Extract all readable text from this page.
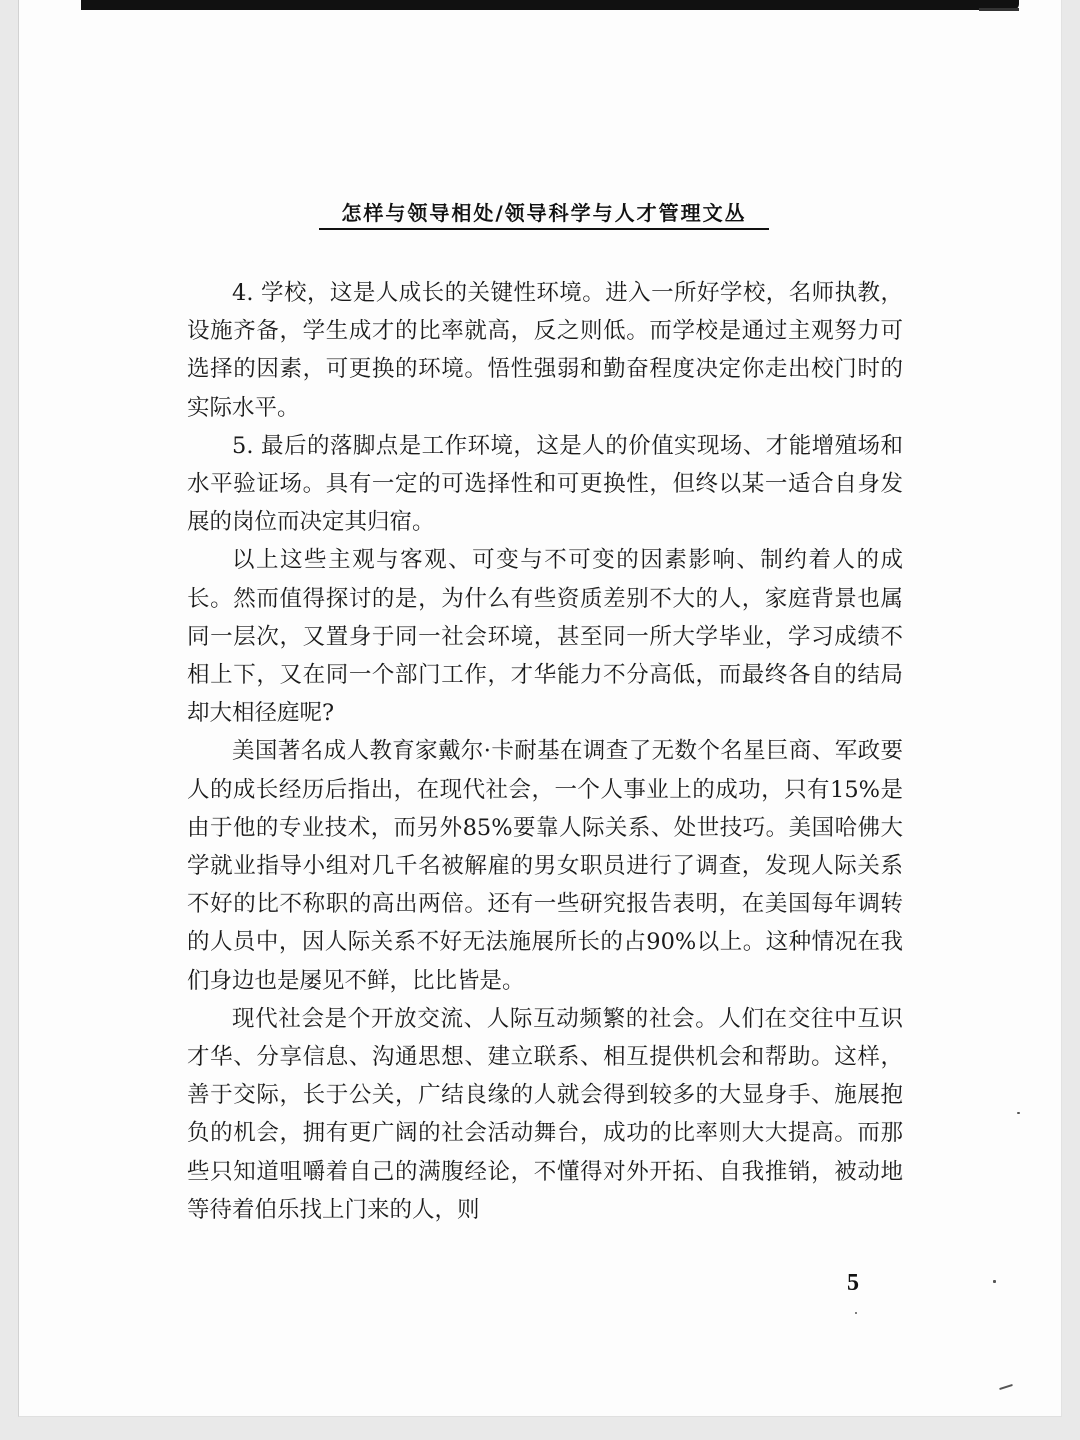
怎样与领导相处/领导科学与人才管理文丛

4. 学校，这是人成长的关键性环境。进入一所好学校，名师执教，设施齐备，学生成才的比率就高，反之则低。而学校是通过主观努力可选择的因素，可更换的环境。悟性强弱和勤奋程度决定你走出校门时的实际水平。

5. 最后的落脚点是工作环境，这是人的价值实现场、才能增殖场和水平验证场。具有一定的可选择性和可更换性，但终以某一适合自身发展的岗位而决定其归宿。

以上这些主观与客观、可变与不可变的因素影响、制约着人的成长。然而值得探讨的是，为什么有些资质差别不大的人，家庭背景也属同一层次，又置身于同一社会环境，甚至同一所大学毕业，学习成绩不相上下，又在同一个部门工作，才华能力不分高低，而最终各自的结局却大相径庭呢?

美国著名成人教育家戴尔·卡耐基在调查了无数个名星巨商、军政要人的成长经历后指出，在现代社会，一个人事业上的成功，只有15%是由于他的专业技术，而另外85%要靠人际关系、处世技巧。美国哈佛大学就业指导小组对几千名被解雇的男女职员进行了调查，发现人际关系不好的比不称职的高出两倍。还有一些研究报告表明，在美国每年调转的人员中，因人际关系不好无法施展所长的占90%以上。这种情况在我们身边也是屡见不鲜，比比皆是。

现代社会是个开放交流、人际互动频繁的社会。人们在交往中互识才华、分享信息、沟通思想、建立联系、相互提供机会和帮助。这样，善于交际，长于公关，广结良缘的人就会得到较多的大显身手、施展抱负的机会，拥有更广阔的社会活动舞台，成功的比率则大大提高。而那些只知道咀嚼着自己的满腹经论，不懂得对外开拓、自我推销，被动地等待着伯乐找上门来的人，则

5
